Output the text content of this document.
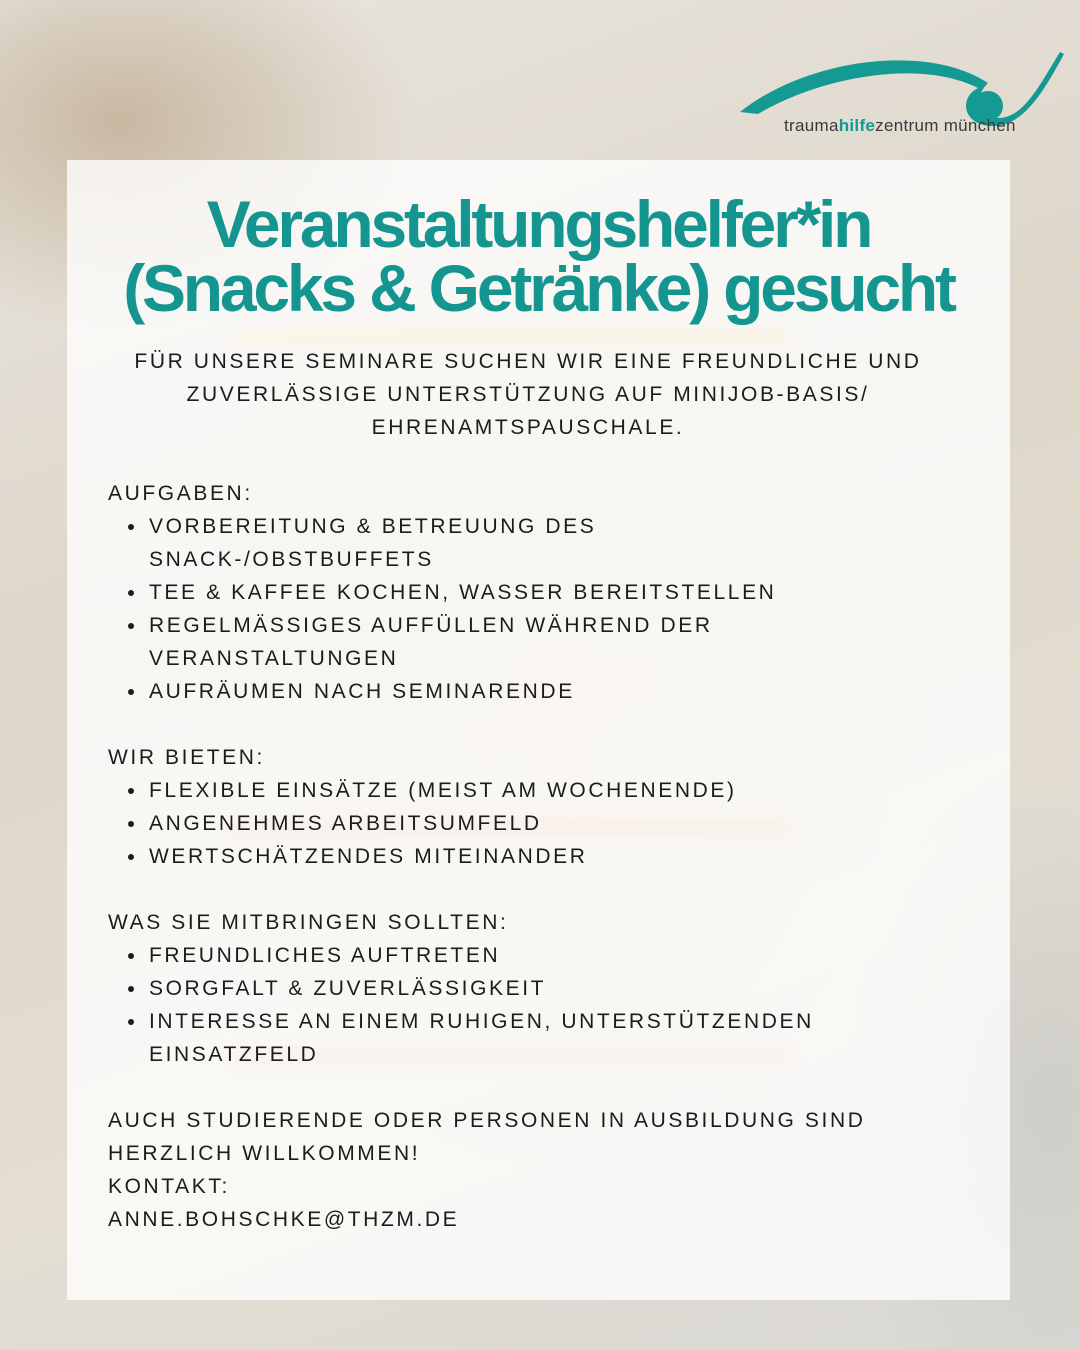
traumahilfezentrum münchen
Veranstaltungshelfer*in
(Snacks & Getränke) gesucht
FÜR UNSERE SEMINARE SUCHEN WIR EINE FREUNDLICHE UND ZUVERLÄSSIGE UNTERSTÜTZUNG AUF MINIJOB-BASIS/ EHRENAMTSPAUSCHALE.
AUFGABEN:
VORBEREITUNG & BETREUUNG DES SNACK-/OBSTBUFFETS
TEE & KAFFEE KOCHEN, WASSER BEREITSTELLEN
REGELMÄSSIGES AUFFÜLLEN WÄHREND DER VERANSTALTUNGEN
AUFRÄUMEN NACH SEMINARENDE
WIR BIETEN:
FLEXIBLE EINSÄTZE (MEIST AM WOCHENENDE)
ANGENEHMES ARBEITSUMFELD
WERTSCHÄTZENDES MITEINANDER
WAS SIE MITBRINGEN SOLLTEN:
FREUNDLICHES AUFTRETEN
SORGFALT & ZUVERLÄSSIGKEIT
INTERESSE AN EINEM RUHIGEN, UNTERSTÜTZENDEN EINSATZFELD
AUCH STUDIERENDE ODER PERSONEN IN AUSBILDUNG SIND HERZLICH WILLKOMMEN!
KONTAKT:
ANNE.BOHSCHKE@THZM.DE
